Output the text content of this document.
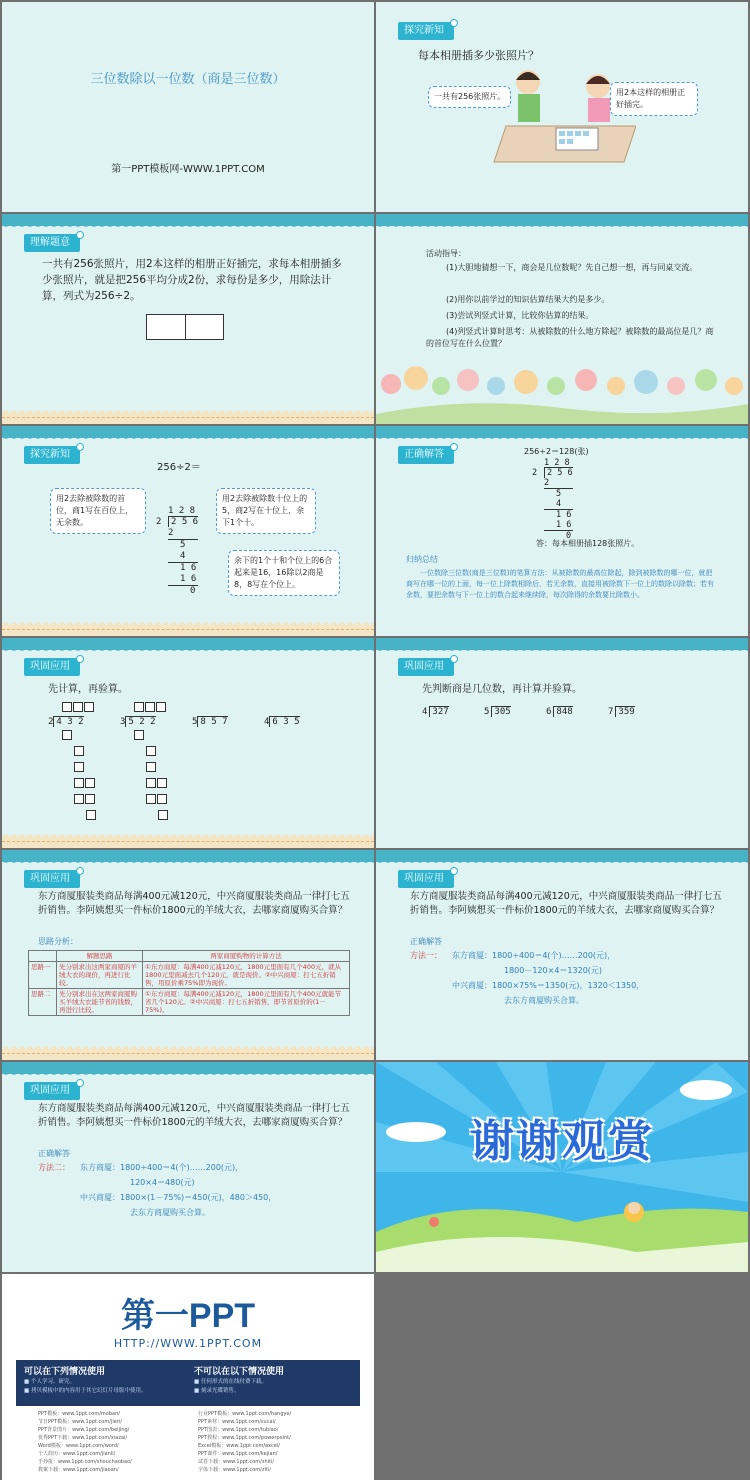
三位数除以一位数（商是三位数）
第一PPT模板网-WWW.1PPT.COM
探究新知
每本相册插多少张照片？
一共有256张照片。	用2本这样的相册正好插完。
理解题意
一共有256张照片，用2本这样的相册正好插完，求每本相册插多少张照片，就是把256平均分成2份，求每份是多少，用除法计算，列式为256÷2。
活动指导：
(1)大胆地猜想一下，商会是几位数呢？先自己想一想，再与同桌交流。
(2)用你以前学过的知识估算结果大约是多少。
(3)尝试列竖式计算，比较你估算的结果。
(4)列竖式计算时思考：从被除数的什么地方除起？被除数的最高位是几？商的首位写在什么位置？
探究新知
256÷2＝
用2去除被除数的首位，商1写在百位上，无余数。
用2去除被除数十位上的5，商2写在十位上，余下1个十。
余下的1个十和个位上的6合起来是16，16除以2商是8，8写在个位上。
1 2 8
2 2 5 6
2
5
4
1 6
1 6
0
正确解答	256÷2＝128(张)
1 2 8
2 2 5 6
2
5
4
1 6
1 6
0
答：每本相册插128张照片。
归纳总结
一位数除三位数(商是三位数)的笔算方法：从被除数的最高位除起，除到被除数的哪一位，就把商写在哪一位的上面，每一位上除数相除后，若无余数，直接用被除数下一位上的数除以除数；若有余数，要把余数与下一位上的数合起来继续除，每次除得的余数要比除数小。
巩固应用
先计算，再验算。
2 4 3 2	3 5 2 2	5 8 5 7	4 6 3 5
巩固应用
先判断商是几位数，再计算并验算。
4 327	5 305	6 848	7 359
巩固应用
东方商厦服装类商品每满400元减120元，中兴商厦服装类商品一律打七五折销售。李阿姨想买一件标价1800元的羊绒大衣，去哪家商厦购买合算？
思路分析：
	解题思路	两家商厦购物的计算方法
思路一	先分别求出这两家商厦的羊绒大衣的现价，再进行比较。	①东方商厦：每满400元减120元，1800元里面有几个400元，就从1800元里面减去几个120元，就是现价。②中兴商厦：打七五折销售，用原价乘75%即为现价。
思路二	先分别求出在这两家商厦购买羊绒大衣能节省的钱数，再进行比较。	①东方商厦：每满400元减120元，1800元里面有几个400元就能节省几个120元。②中兴商厦：打七五折销售，即节省原价的(1－75%)。
巩固应用
东方商厦服装类商品每满400元减120元，中兴商厦服装类商品一律打七五折销售。李阿姨想买一件标价1800元的羊绒大衣，去哪家商厦购买合算？
正确解答
方法一： 东方商厦：1800÷400＝4(个)……200(元)，
1800－120×4＝1320(元)
中兴商厦：1800×75%＝1350(元)，1320＜1350，
去东方商厦购买合算。
巩固应用
东方商厦服装类商品每满400元减120元，中兴商厦服装类商品一律打七五折销售。李阿姨想买一件标价1800元的羊绒大衣，去哪家商厦购买合算？
正确解答
方法二： 东方商厦：1800÷400＝4(个)……200(元)，
120×4＝480(元)
中兴商厦：1800×(1－75%)＝450(元)，480＞450，
去东方商厦购买合算。
谢谢观赏
第一PPT
HTTP://WWW.1PPT.COM
可以在下列情况使用
■ 个人学习、研究。
■ 拷贝模板中的内容用于其它幻灯片母版中使用。
不可以在以下情况使用
■ 任何形式的在线付费下载。
■ 刻录光碟销售。
PPT模板：www.1ppt.com/moban/
节日PPT模板：www.1ppt.com/jieri/
PPT背景图片：www.1ppt.com/beijing/
优秀PPT下载：www.1ppt.com/xiazai/
Word模板：www.1ppt.com/word/
个人简历：www.1ppt.com/jianli/
手抄报：www.1ppt.com/shouchaobao/
教案下载：www.1ppt.com/jiaoan/
行业PPT模板：www.1ppt.com/hangye/
PPT素材：www.1ppt.com/sucai/
PPT图表：www.1ppt.com/tubiao/
PPT教程：www.1ppt.com/powerpoint/
Excel模板：www.1ppt.com/excel/
PPT课件：www.1ppt.com/kejian/
试卷下载：www.1ppt.com/shiti/
字体下载：www.1ppt.com/ziti/
